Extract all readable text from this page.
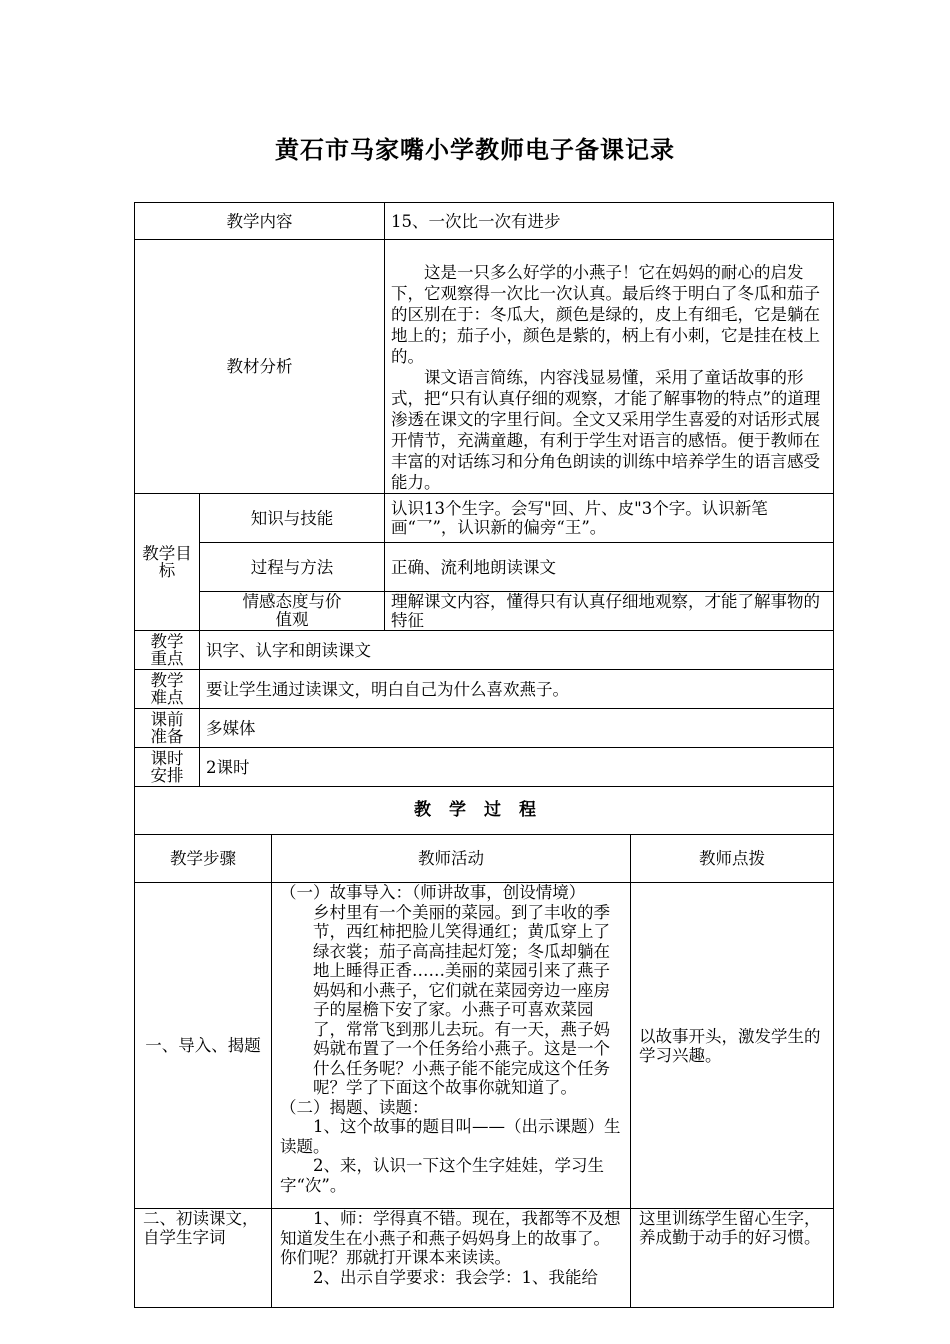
黄石市马家嘴小学教师电子备课记录
教学内容			15、一次比一次有进步	
教材分析			这是一只多么好学的小燕子！它在妈妈的耐心的启发下，它观察得一次比一次认真。最后终于明白了冬瓜和茄子的区别在于：冬瓜大，颜色是绿的，皮上有细毛，它是躺在地上的；茄子小，颜色是紫的，柄上有小刺，它是挂在枝上的。
课文语言简练，内容浅显易懂，采用了童话故事的形式，把“只有认真仔细的观察，才能了解事物的特点”的道理渗透在课文的字里行间。全文又采用学生喜爱的对话形式展开情节，充满童趣，有利于学生对语言的感悟。便于教师在丰富的对话练习和分角色朗读的训练中培养学生的语言感受能力。	

教学目标	知识与技能		认识13个生字。会写"回、片、皮"3个字。认识新笔画“乛”，认识新的偏旁“王”。	
	过程与方法		正确、流利地朗读课文	
	情感态度与价值观		理解课文内容，懂得只有认真仔细地观察，才能了解事物的特征	
教学重点	识字、认字和朗读课文			
教学难点	要让学生通过读课文，明白自己为什么喜欢燕子。			
课前准备	多媒体			
课时安排	2课时			
教学过程				
教学步骤		教师活动		教师点拨
一、导入、揭题		（一）故事导入：（师讲故事，创设情境）
乡村里有一个美丽的菜园。到了丰收的季节，西红柿把脸儿笑得通红；黄瓜穿上了绿衣裳；茄子高高挂起灯笼；冬瓜却躺在地上睡得正香……美丽的菜园引来了燕子妈妈和小燕子，它们就在菜园旁边一座房子的屋檐下安了家。小燕子可喜欢菜园了，常常飞到那儿去玩。有一天，燕子妈妈就布置了一个任务给小燕子。这是一个什么任务呢？小燕子能不能完成这个任务呢？学了下面这个故事你就知道了。
（二）揭题、读题：
1、这个故事的题目叫——（出示课题）生读题。
2、来，认识一下这个生字娃娃，学习生字“次”。		以故事开头，激发学生的学习兴趣。
二、初读课文，自学生字词		1、师：学得真不错。现在，我都等不及想知道发生在小燕子和燕子妈妈身上的故事了。你们呢？那就打开课本来读读。
2、出示自学要求：我会学：1、我能给		这里训练学生留心生字，养成勤于动手的好习惯。
